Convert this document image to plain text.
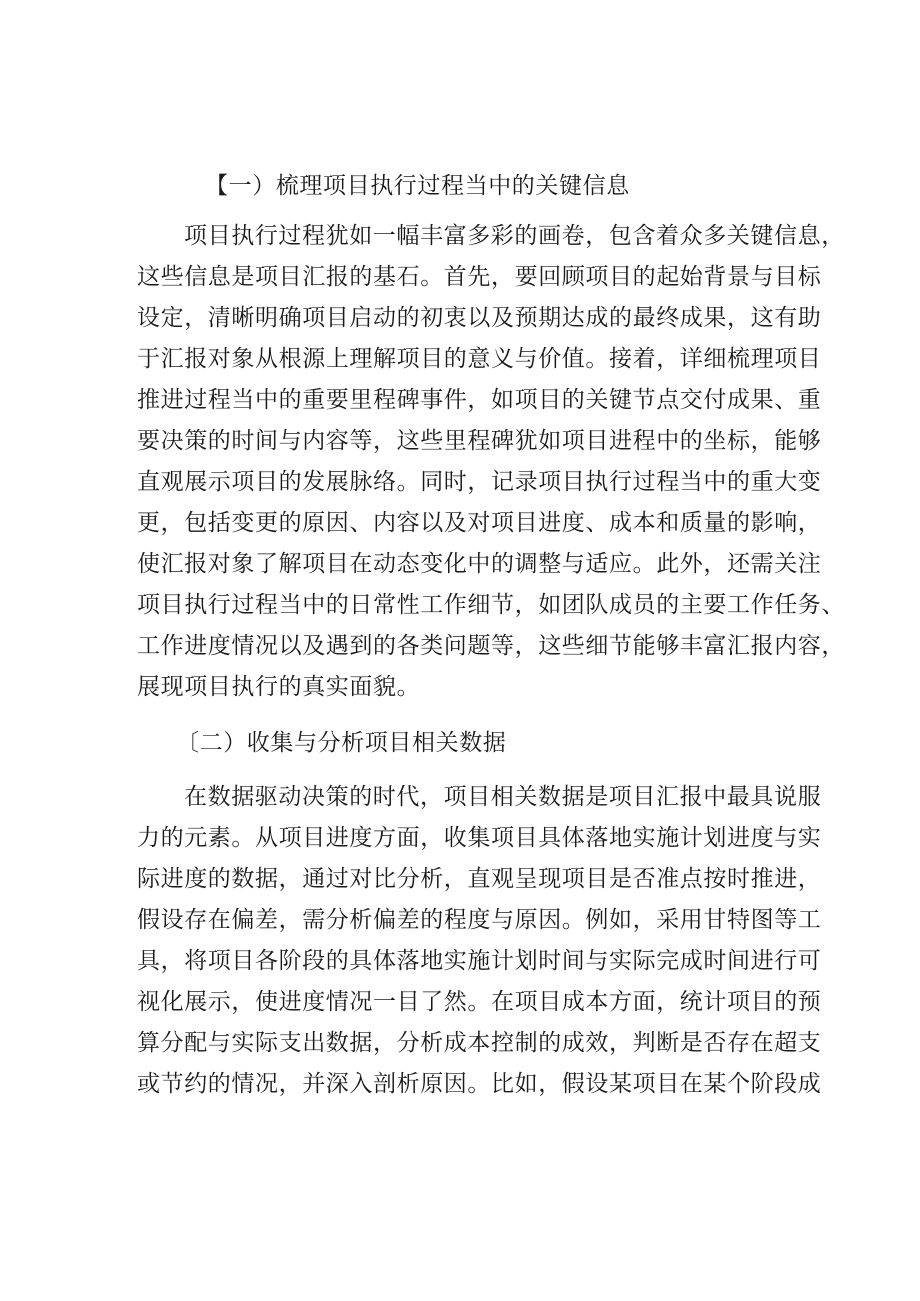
【一）梳理项目执行过程当中的关键信息
项目执行过程犹如一幅丰富多彩的画卷，包含着众多关键信息，
这些信息是项目汇报的基石。首先，要回顾项目的起始背景与目标
设定，清晰明确项目启动的初衷以及预期达成的最终成果，这有助
于汇报对象从根源上理解项目的意义与价值。接着，详细梳理项目
推进过程当中的重要里程碑事件，如项目的关键节点交付成果、重
要决策的时间与内容等，这些里程碑犹如项目进程中的坐标，能够
直观展示项目的发展脉络。同时，记录项目执行过程当中的重大变
更，包括变更的原因、内容以及对项目进度、成本和质量的影响，
使汇报对象了解项目在动态变化中的调整与适应。此外，还需关注
项目执行过程当中的日常性工作细节，如团队成员的主要工作任务、
工作进度情况以及遇到的各类问题等，这些细节能够丰富汇报内容，
展现项目执行的真实面貌。
〔二）收集与分析项目相关数据
在数据驱动决策的时代，项目相关数据是项目汇报中最具说服
力的元素。从项目进度方面，收集项目具体落地实施计划进度与实
际进度的数据，通过对比分析，直观呈现项目是否准点按时推进，
假设存在偏差，需分析偏差的程度与原因。例如，采用甘特图等工
具，将项目各阶段的具体落地实施计划时间与实际完成时间进行可
视化展示，使进度情况一目了然。在项目成本方面，统计项目的预
算分配与实际支出数据，分析成本控制的成效，判断是否存在超支
或节约的情况，并深入剖析原因。比如，假设某项目在某个阶段成
